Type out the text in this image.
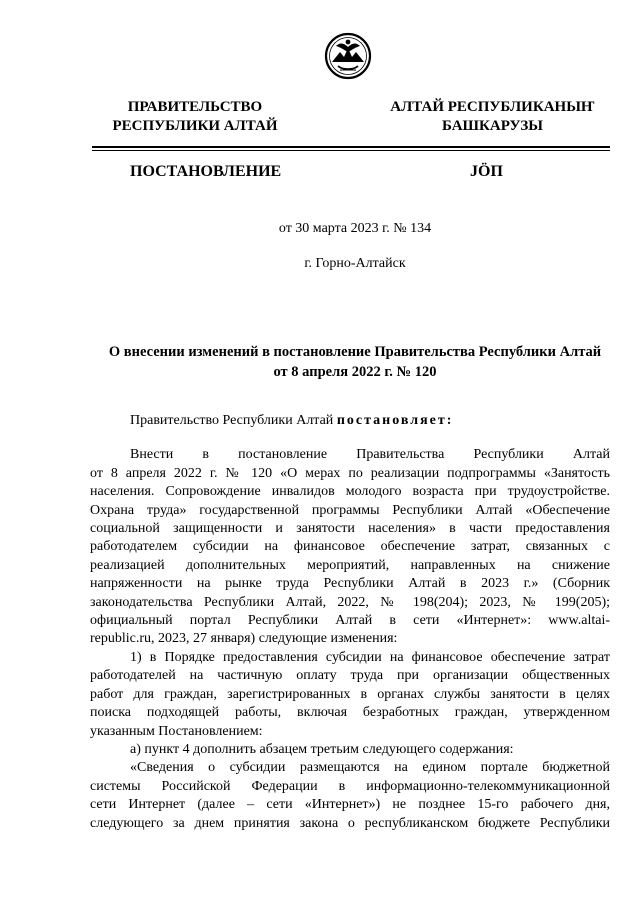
ПРАВИТЕЛЬСТВО
РЕСПУБЛИКИ АЛТАЙ
АЛТАЙ РЕСПУБЛИКАНЫҤ
БАШКАРУЗЫ
ПОСТАНОВЛЕНИЕ	JÖП
от 30 марта 2023 г. № 134
г. Горно-Алтайск
О внесении изменений в постановление Правительства Республики Алтай
от 8 апреля 2022 г. № 120

Правительство Республики Алтай постановляет:

Внести в постановление Правительства Республики Алтай
от 8 апреля 2022 г. № 120 «О мерах по реализации подпрограммы «Занятость
населения. Сопровождение инвалидов молодого возраста при трудоустройстве.
Охрана труда» государственной программы Республики Алтай «Обеспечение
социальной защищенности и занятости населения» в части предоставления
работодателем субсидии на финансовое обеспечение затрат, связанных с
реализацией дополнительных мероприятий, направленных на снижение
напряженности на рынке труда Республики Алтай в 2023 г.» (Сборник
законодательства Республики Алтай, 2022, № 198(204); 2023, № 199(205);
официальный портал Республики Алтай в сети «Интернет»: www.altai-
republic.ru, 2023, 27 января) следующие изменения:
1) в Порядке предоставления субсидии на финансовое обеспечение затрат
работодателей на частичную оплату труда при организации общественных
работ для граждан, зарегистрированных в органах службы занятости в целях
поиска подходящей работы, включая безработных граждан, утвержденном
указанным Постановлением:
а) пункт 4 дополнить абзацем третьим следующего содержания:
«Сведения о субсидии размещаются на едином портале бюджетной
системы Российской Федерации в информационно-телекоммуникационной
сети Интернет (далее – сети «Интернет») не позднее 15-го рабочего дня,
следующего за днем принятия закона о республиканском бюджете Республики
